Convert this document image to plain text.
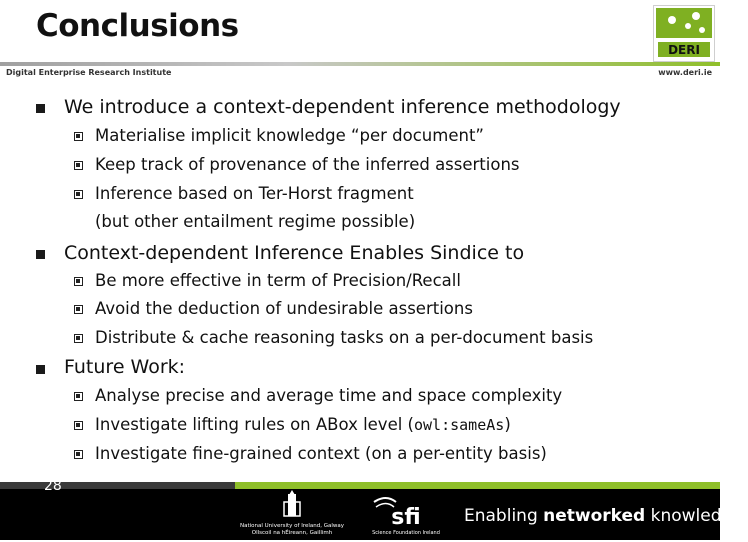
Conclusions
DERI
Digital Enterprise Research Institute	www.deri.ie
We introduce a context-dependent inference methodology
Materialise implicit knowledge “per document”
Keep track of provenance of the inferred assertions
Inference based on Ter-Horst fragment
(but other entailment regime possible)
Context-dependent Inference Enables Sindice to
Be more effective in term of Precision/Recall
Avoid the deduction of undesirable assertions
Distribute & cache reasoning tasks on a per-document basis
Future Work:
Analyse precise and average time and space complexity
Investigate lifting rules on ABox level (owl:sameAs)
Investigate fine-grained context (on a per-entity basis)
28
National University of Ireland, Galway
Ollscoil na hÉireann, Gaillimh
sfi
Science Foundation Ireland
Enabling networked knowledge.
